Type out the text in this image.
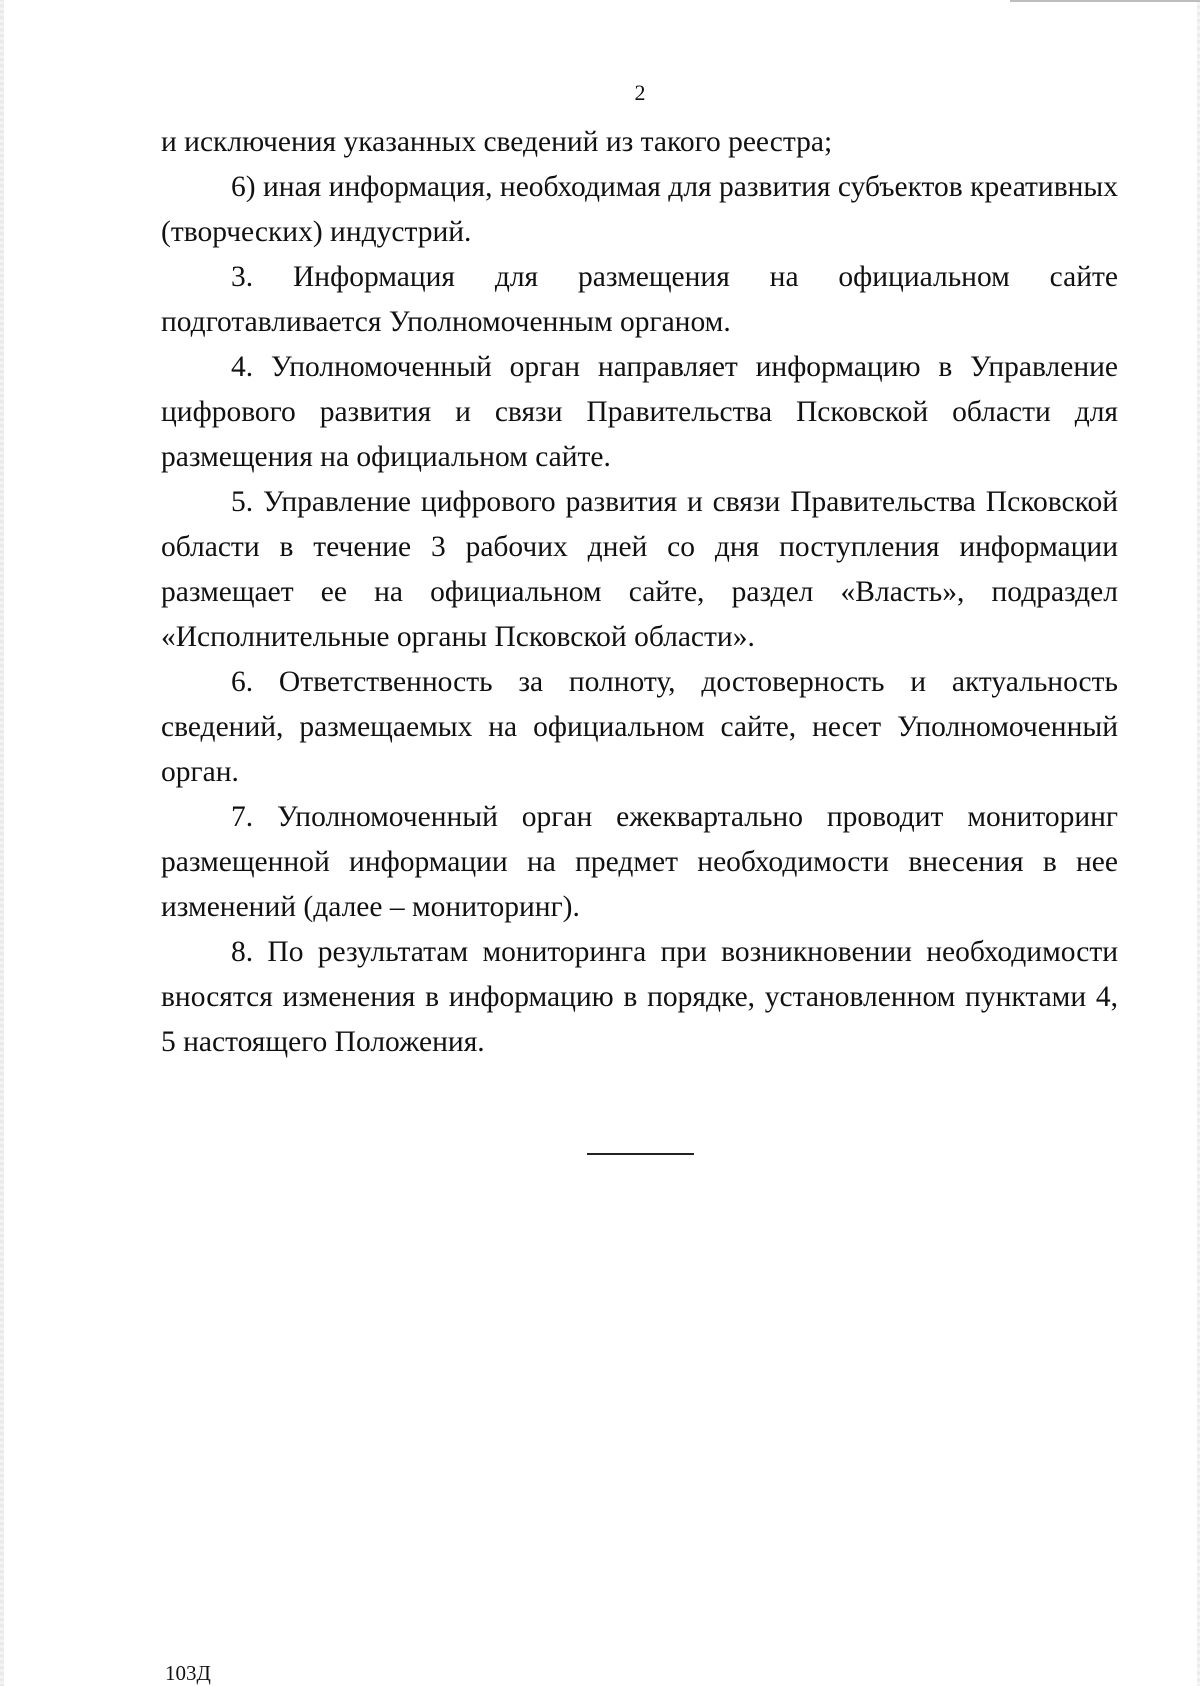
2

и исключения указанных сведений из такого реестра;

6) иная информация, необходимая для развития субъектов креативных (творческих) индустрий.

3. Информация для размещения на официальном сайте подготавливается Уполномоченным органом.

4. Уполномоченный орган направляет информацию в Управление цифрового развития и связи Правительства Псковской области для размещения на официальном сайте.

5. Управление цифрового развития и связи Правительства Псковской области в течение 3 рабочих дней со дня поступления информации размещает ее на официальном сайте, раздел «Власть», подраздел «Исполнительные органы Псковской области».

6. Ответственность за полноту, достоверность и актуальность сведений, размещаемых на официальном сайте, несет Уполномоченный орган.

7. Уполномоченный орган ежеквартально проводит мониторинг размещенной информации на предмет необходимости внесения в нее изменений (далее – мониторинг).

8. По результатам мониторинга при возникновении необходимости вносятся изменения в информацию в порядке, установленном пунктами 4, 5 настоящего Положения.

103Д
